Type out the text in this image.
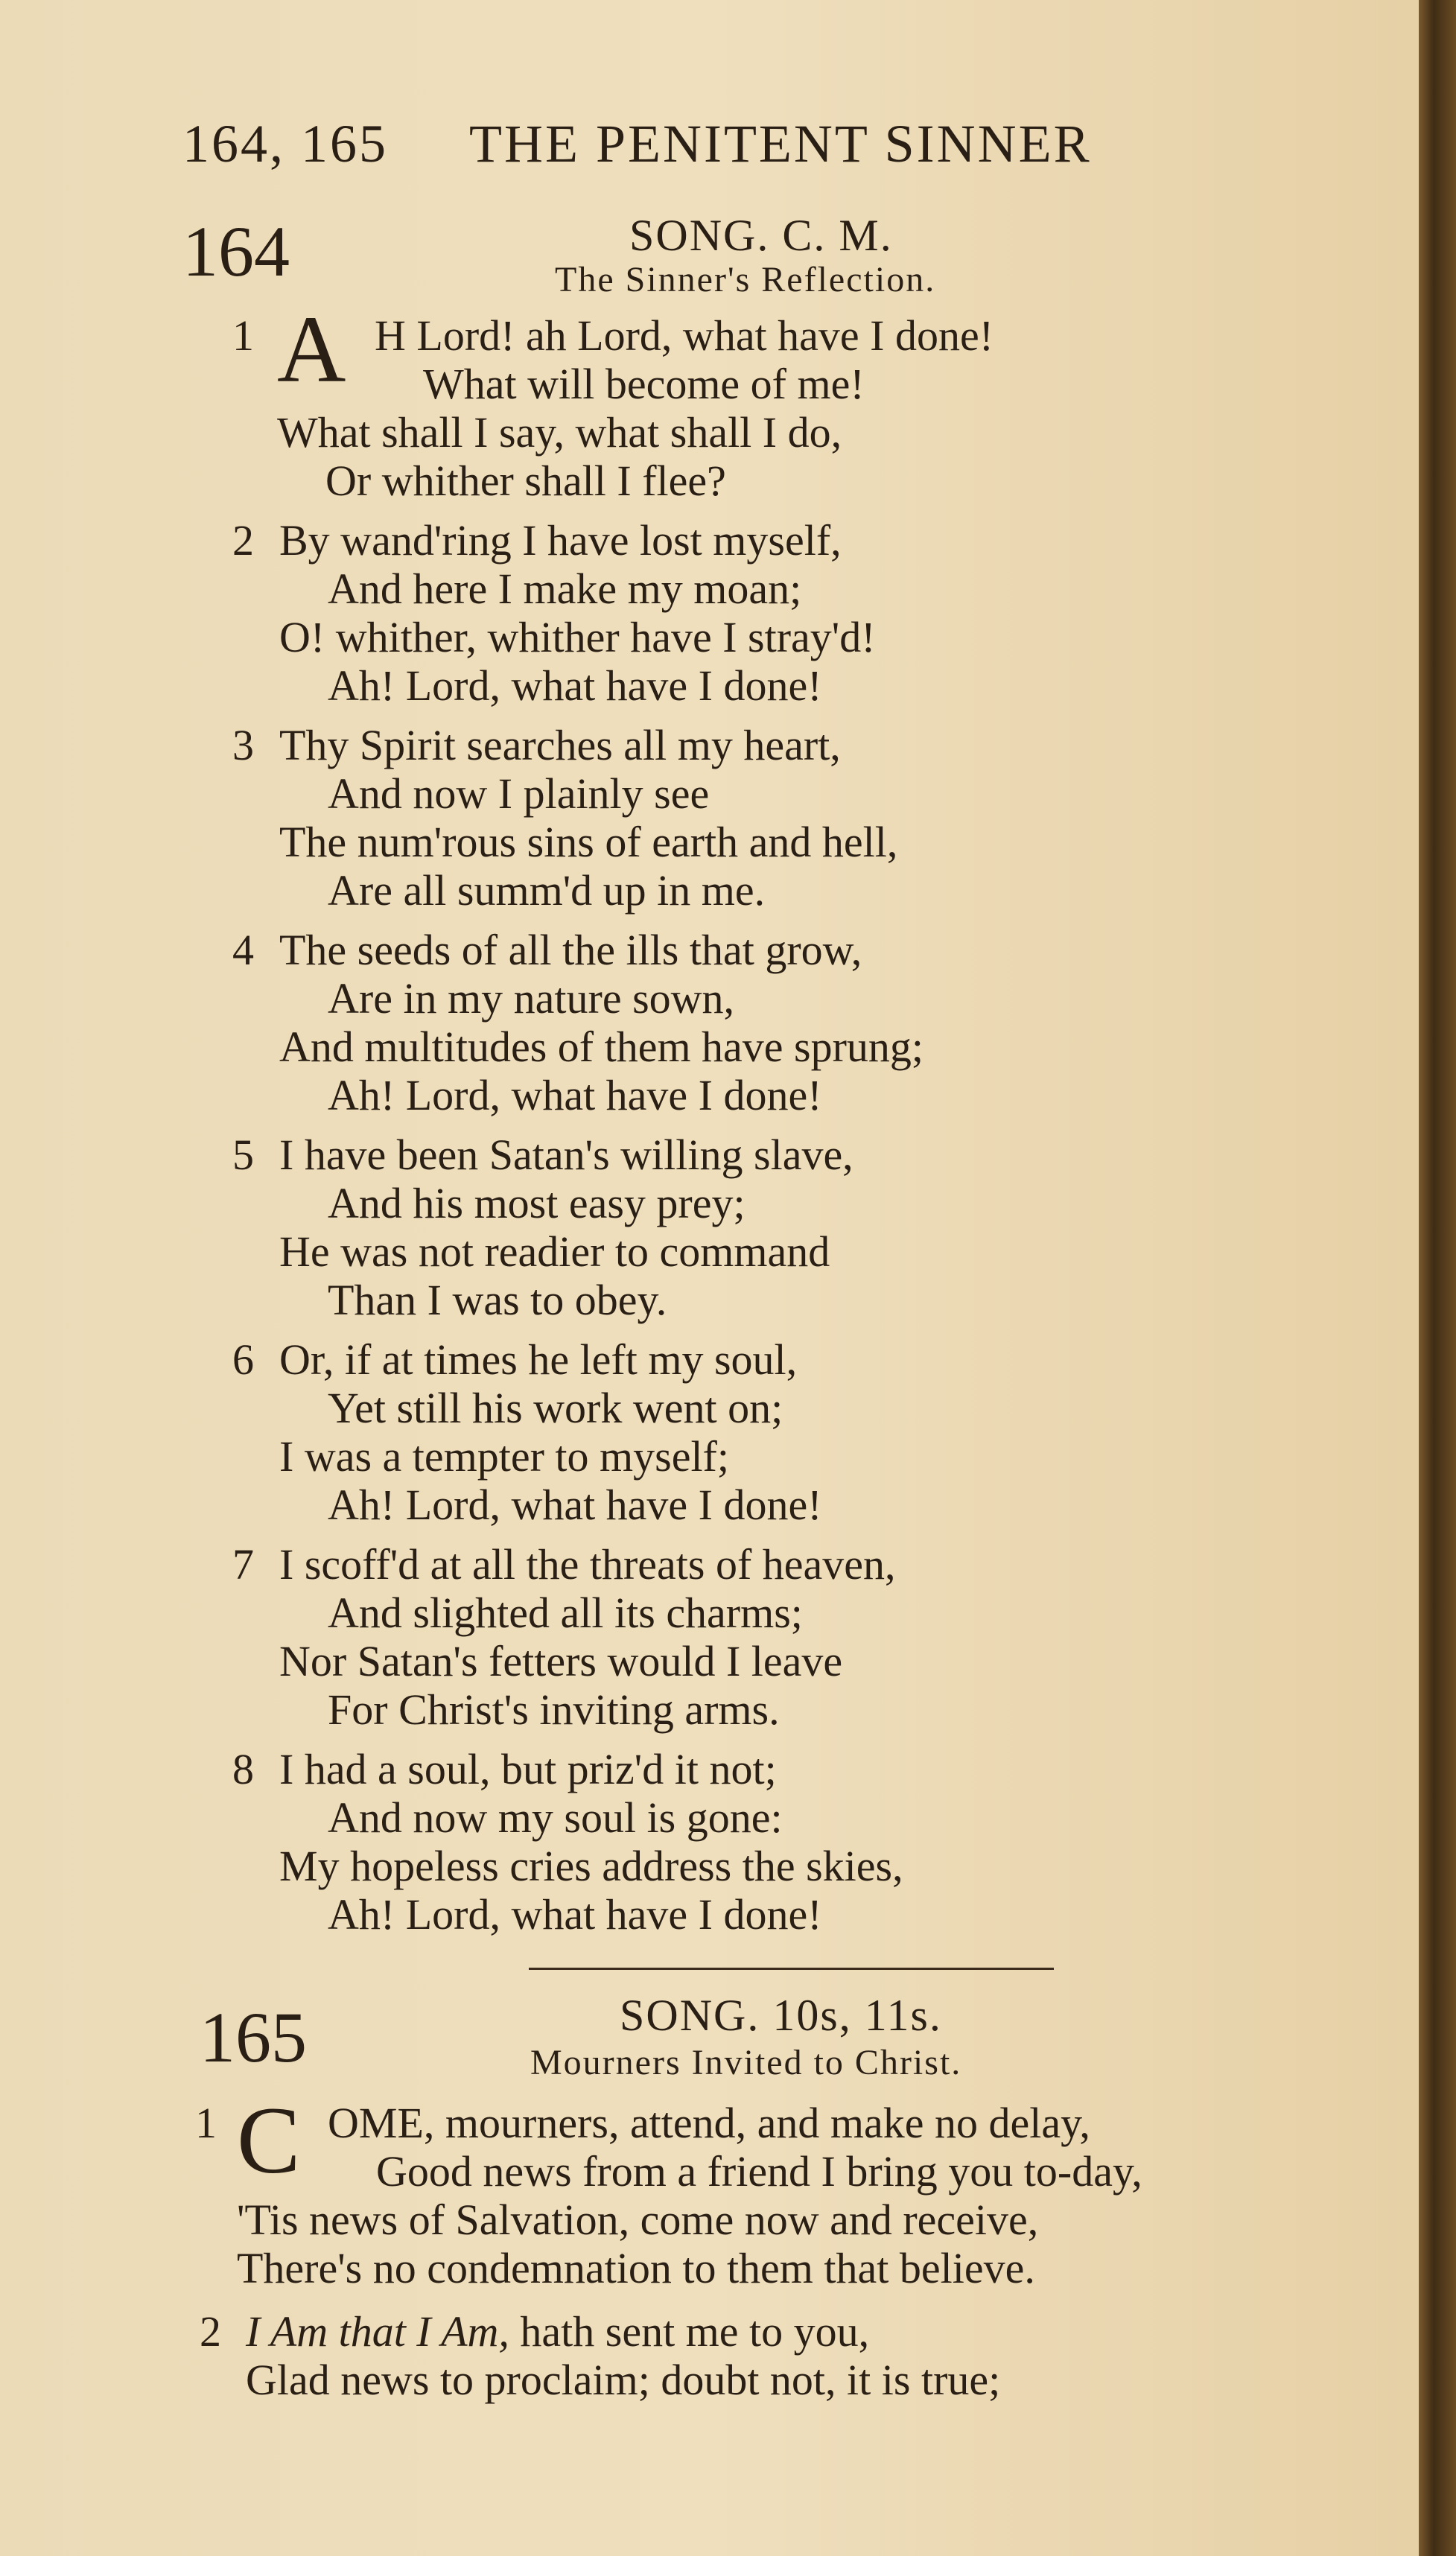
164, 165 THE PENITENT SINNER
164	SONG. C. M.
The Sinner's Reflection.
1 A H Lord! ah Lord, what have I done!
What will become of me!
What shall I say, what shall I do,
Or whither shall I flee?
2 By wand'ring I have lost myself,
And here I make my moan;
O! whither, whither have I stray'd!
Ah! Lord, what have I done!
3 Thy Spirit searches all my heart,
And now I plainly see
The num'rous sins of earth and hell,
Are all summ'd up in me.
4 The seeds of all the ills that grow,
Are in my nature sown,
And multitudes of them have sprung;
Ah! Lord, what have I done!
5 I have been Satan's willing slave,
And his most easy prey;
He was not readier to command
Than I was to obey.
6 Or, if at times he left my soul,
Yet still his work went on;
I was a tempter to myself;
Ah! Lord, what have I done!
7 I scoff'd at all the threats of heaven,
And slighted all its charms;
Nor Satan's fetters would I leave
For Christ's inviting arms.
8 I had a soul, but priz'd it not;
And now my soul is gone:
My hopeless cries address the skies,
Ah! Lord, what have I done!
165	SONG. 10s, 11s.
Mourners Invited to Christ.
1 C OME, mourners, attend, and make no delay,
Good news from a friend I bring you to-day,
'Tis news of Salvation, come now and receive,
There's no condemnation to them that believe.
2 I Am that I Am, hath sent me to you,
Glad news to proclaim; doubt not, it is true;
